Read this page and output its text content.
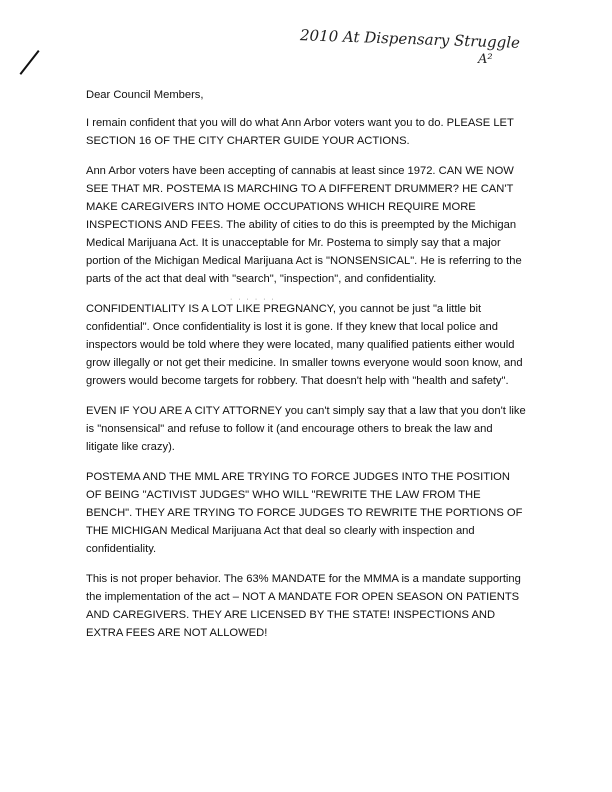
2010 At Dispensary Struggle
A²

Dear Council Members,

I remain confident that you will do what Ann Arbor voters want you to do. PLEASE LET SECTION 16 OF THE CITY CHARTER GUIDE YOUR ACTIONS.

Ann Arbor voters have been accepting of cannabis at least since 1972. CAN WE NOW SEE THAT MR. POSTEMA IS MARCHING TO A DIFFERENT DRUMMER? HE CAN'T MAKE CAREGIVERS INTO HOME OCCUPATIONS WHICH REQUIRE MORE INSPECTIONS AND FEES. The ability of cities to do this is preempted by the Michigan Medical Marijuana Act. It is unacceptable for Mr. Postema to simply say that a major portion of the Michigan Medical Marijuana Act is "NONSENSICAL". He is referring to the parts of the act that deal with "search", "inspection", and confidentiality.

CONFIDENTIALITY IS A LOT LIKE PREGNANCY, you cannot be just "a little bit confidential". Once confidentiality is lost it is gone. If they knew that local police and inspectors would be told where they were located, many qualified patients either would grow illegally or not get their medicine. In smaller towns everyone would soon know, and growers would become targets for robbery. That doesn't help with "health and safety".

EVEN IF YOU ARE A CITY ATTORNEY you can't simply say that a law that you don't like is "nonsensical" and refuse to follow it (and encourage others to break the law and litigate like crazy).

POSTEMA AND THE MML ARE TRYING TO FORCE JUDGES INTO THE POSITION OF BEING "ACTIVIST JUDGES" WHO WILL "REWRITE THE LAW FROM THE BENCH". THEY ARE TRYING TO FORCE JUDGES TO REWRITE THE PORTIONS OF THE MICHIGAN Medical Marijuana Act that deal so clearly with inspection and confidentiality.

This is not proper behavior. The 63% MANDATE for the MMMA is a mandate supporting the implementation of the act – NOT A MANDATE FOR OPEN SEASON ON PATIENTS AND CAREGIVERS. THEY ARE LICENSED BY THE STATE! INSPECTIONS AND EXTRA FEES ARE NOT ALLOWED!

· · · · · ·
